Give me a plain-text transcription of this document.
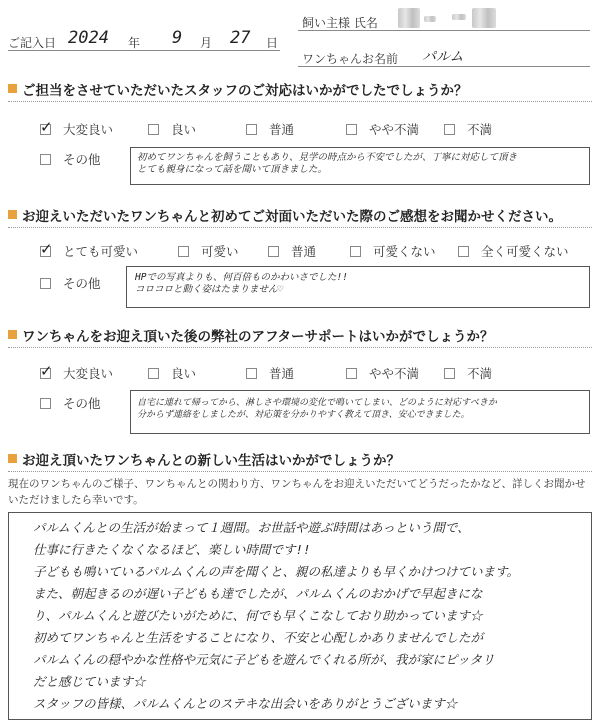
ご記入日 2024 年 9 月 27 日
飼い主様 氏名
ワンちゃんお名前 パルム
ご担当をさせていただいたスタッフのご対応はいかがでしたでしょうか？
✓ 大変良い	良い	普通	やや不満	不満
その他	初めてワンちゃんを飼うこともあり、見学の時点から不安でしたが、丁寧に対応して頂き
とても親身になって話を聞いて頂きました。
お迎えいただいたワンちゃんと初めてご対面いただいた際のご感想をお聞かせください。
✓ とても可愛い	可愛い	普通	可愛くない	全く可愛くない
その他	HPでの写真よりも、何百倍ものかわいさでした!!
コロコロと動く姿はたまりません♡
ワンちゃんをお迎え頂いた後の弊社のアフターサポートはいかがでしょうか？
✓ 大変良い	良い	普通	やや不満	不満
その他	自宅に連れて帰ってから、淋しさや環境の変化で鳴いてしまい、どのように対応すべきか
分からず連絡をしましたが、対応策を分かりやすく教えて頂き、安心できました。
お迎え頂いたワンちゃんとの新しい生活はいかがでしょうか？
現在のワンちゃんのご様子、ワンちゃんとの関わり方、ワンちゃんをお迎えいただいてどうだったかなど、詳しくお聞かせいただけましたら幸いです。
パルムくんとの生活が始まって１週間。お世話や遊ぶ時間はあっという間で、
仕事に行きたくなくなるほど、楽しい時間です!!
子どもも鳴いているパルムくんの声を聞くと、親の私達よりも早くかけつけています。
また、朝起きるのが遅い子どもも達でしたが、パルムくんのおかげで早起きにな
り、パルムくんと遊びたいがために、何でも早くこなしており助かっています☆
初めてワンちゃんと生活をすることになり、不安と心配しかありませんでしたが
パルムくんの穏やかな性格や元気に子どもを遊んでくれる所が、我が家にピッタリ
だと感じています☆
スタッフの皆様、パルムくんとのステキな出会いをありがとうございます☆
